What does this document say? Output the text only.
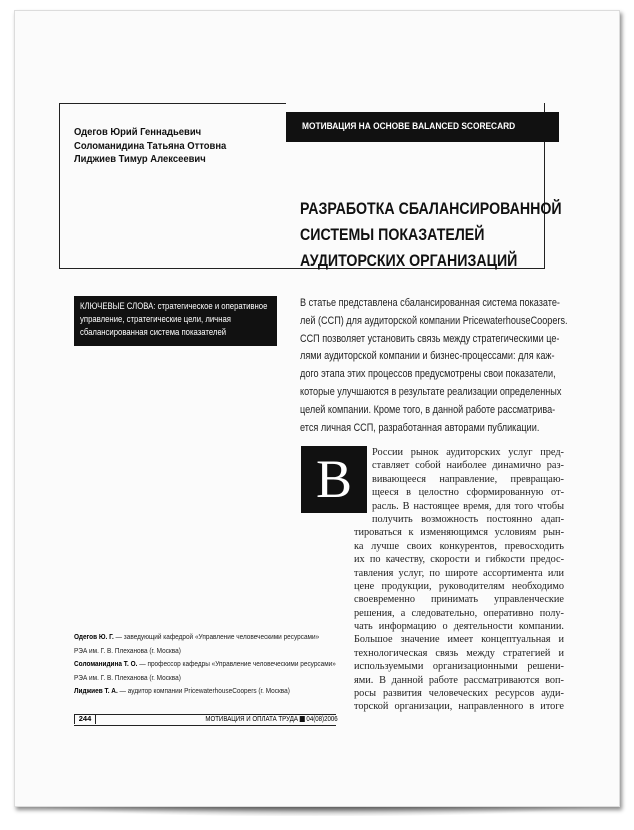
Одегов Юрий Геннадьевич
Соломанидина Татьяна Оттовна
Лиджиев Тимур Алексеевич
МОТИВАЦИЯ НА ОСНОВЕ BALANCED SCORECARD
РАЗРАБОТКА СБАЛАНСИРОВАННОЙ
СИСТЕМЫ ПОКАЗАТЕЛЕЙ
АУДИТОРСКИХ ОРГАНИЗАЦИЙ

КЛЮЧЕВЫЕ СЛОВА: стратегическое и оперативное управление, стратегические цели, личная сбалансированная система показателей

В статье представлена сбалансированная система показате-
лей (ССП) для аудиторской компании PricewaterhouseCoopers.
ССП позволяет установить связь между стратегическими це-
лями аудиторской компании и бизнес-процессами: для каж-
дого этапа этих процессов предусмотрены свои показатели,
которые улучшаются в результате реализации определенных
целей компании. Кроме того, в данной работе рассматрива-
ется личная ССП, разработанная авторами публикации.
В	России рынок аудиторских услуг пред-
ставляет собой наиболее динамично раз-
вивающееся направление, превращаю-
щееся в целостно сформированную от-
расль. В настоящее время, для того чтобы
получить возможность постоянно адап-
тироваться к изменяющимся условиям рын-
ка лучше своих конкурентов, превосходить
их по качеству, скорости и гибкости предос-
тавления услуг, по широте ассортимента или
цене продукции, руководителям необходимо
своевременно принимать управленческие
решения, а следовательно, оперативно полу-
чать информацию о деятельности компании.
Большое значение имеет концептуальная и
технологическая связь между стратегией и
используемыми организационными решени-
ями. В данной работе рассматриваются воп-
росы развития человеческих ресурсов ауди-
торской организации, направленного в итоге
Одегов Ю. Г. — заведующий кафедрой «Управление человеческими ресурсами»
РЭА им. Г. В. Плеханова (г. Москва)
Соломанидина Т. О. — профессор кафедры «Управление человеческими ресурсами»
РЭА им. Г. В. Плеханова (г. Москва)
Лиджиев Т. А. — аудитор компании PricewaterhouseCoopers (г. Москва)
244	МОТИВАЦИЯ И ОПЛАТА ТРУДА 04(08)2006
